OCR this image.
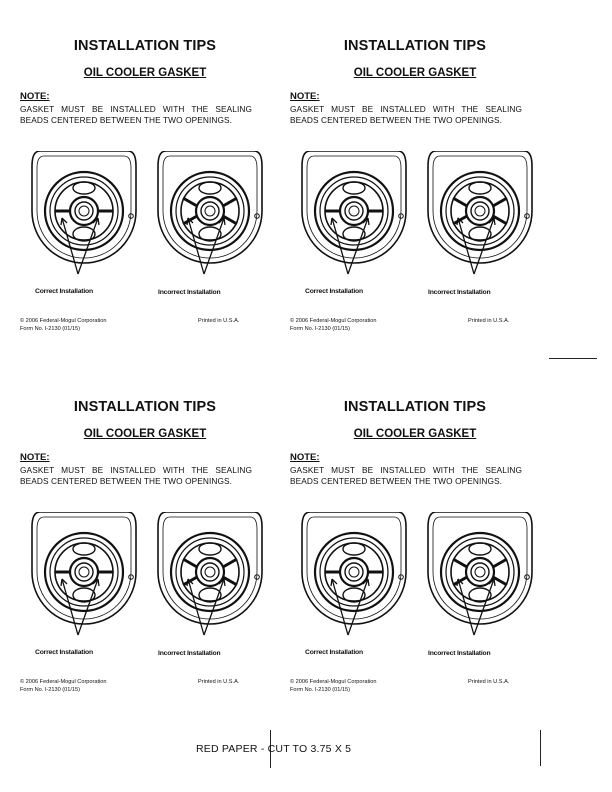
INSTALLATION TIPS
OIL COOLER GASKET
NOTE:
GASKET MUST BE INSTALLED WITH THE SEALING BEADS CENTERED BETWEEN THE TWO OPENINGS.
Correct Installation	Incorrect Installation
© 2006 Federal-Mogul Corporation
Form No. I-2130 (01/15)
Printed in U.S.A.
INSTALLATION TIPS
OIL COOLER GASKET
NOTE:
GASKET MUST BE INSTALLED WITH THE SEALING BEADS CENTERED BETWEEN THE TWO OPENINGS.
Correct Installation	Incorrect Installation
© 2006 Federal-Mogul Corporation
Form No. I-2130 (01/15)
Printed in U.S.A.
INSTALLATION TIPS
OIL COOLER GASKET
NOTE:
GASKET MUST BE INSTALLED WITH THE SEALING BEADS CENTERED BETWEEN THE TWO OPENINGS.
Correct Installation	Incorrect Installation
© 2006 Federal-Mogul Corporation
Form No. I-2130 (01/15)
Printed in U.S.A.
INSTALLATION TIPS
OIL COOLER GASKET
NOTE:
GASKET MUST BE INSTALLED WITH THE SEALING BEADS CENTERED BETWEEN THE TWO OPENINGS.
Correct Installation	Incorrect Installation
© 2006 Federal-Mogul Corporation
Form No. I-2130 (01/15)
Printed in U.S.A.
RED PAPER - CUT TO 3.75 X 5
